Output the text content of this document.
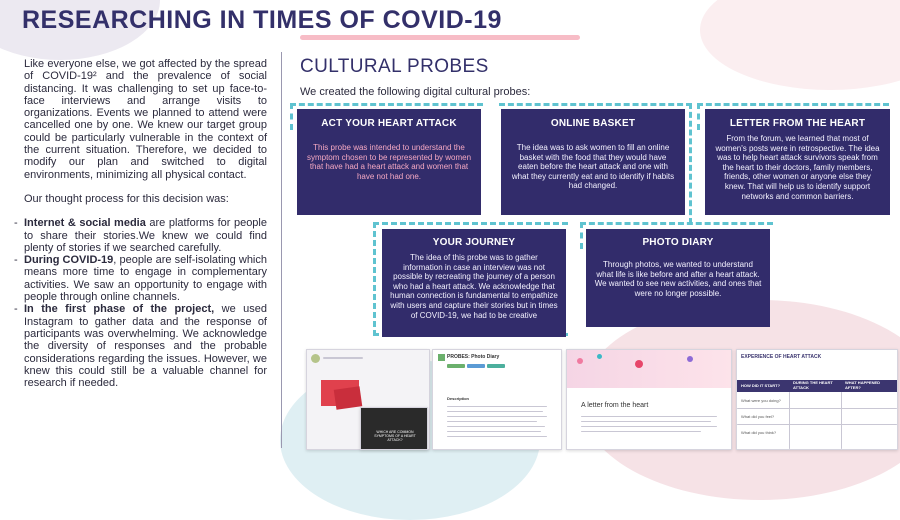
RESEARCHING IN TIMES OF COVID-19

Like everyone else, we got affected by the spread of COVID-19² and the prevalence of social distancing. It was challenging to set up face-to-face interviews and arrange visits to organizations. Events we planned to attend were cancelled one by one. We knew our target group could be particularly vulnerable in the context of the current situation. Therefore, we decided to modify our plan and switched to digital environments, minimizing all physical contact.

Our thought process for this decision was:

- Internet & social media are platforms for people to share their stories.We knew we could find plenty of stories if we searched carefully.
- During COVID-19, people are self-isolating which means more time to engage in complementary activities. We saw an opportunity to engage with people through online channels.
- In the first phase of the project, we used Instagram to gather data and the response of participants was overwhelming. We acknowledge the diversity of responses and the probable considerations regarding the issues. However, we knew this could still be a valuable channel for research if needed.
CULTURAL PROBES
We created the following digital cultural probes:
ACT YOUR HEART ATTACK
This probe was intended to understand the symptom chosen to be represented by women that have had a heart attack and women that have not had one.
ONLINE BASKET
The idea was to ask women to fill an online basket with the food that they would have eaten before the heart attack and one with what they currently eat and to identify if habits had changed.
LETTER FROM THE HEART
From the forum, we learned that most of women's posts were in retrospective. The idea was to help heart attack survivors speak from the heart to their doctors, family members, friends, other women or anyone else they knew. That will help us to identify support networks and common barriers.
YOUR JOURNEY
The idea of this probe was to gather information in case an interview was not possible by recreating the journey of a person who had a heart attack. We acknowledge that human connection is fundamental to empathize with users and capture their stories but in times of COVID-19, we had to be creative
PHOTO DIARY
Through photos, we wanted to understand what life is like before and after a heart attack. We wanted to see new activities, and ones that were no longer possible.
WHICH ARE COMMON SYMPTOMS OF A HEART ATTACK?
PROBES: Photo Diary
Description
A letter from the heart
EXPERIENCE OF HEART ATTACK
HOW DID IT START?
DURING THE HEART ATTACK
WHAT HAPPENED AFTER?
What were you doing?
What did you feel?
What did you think?
